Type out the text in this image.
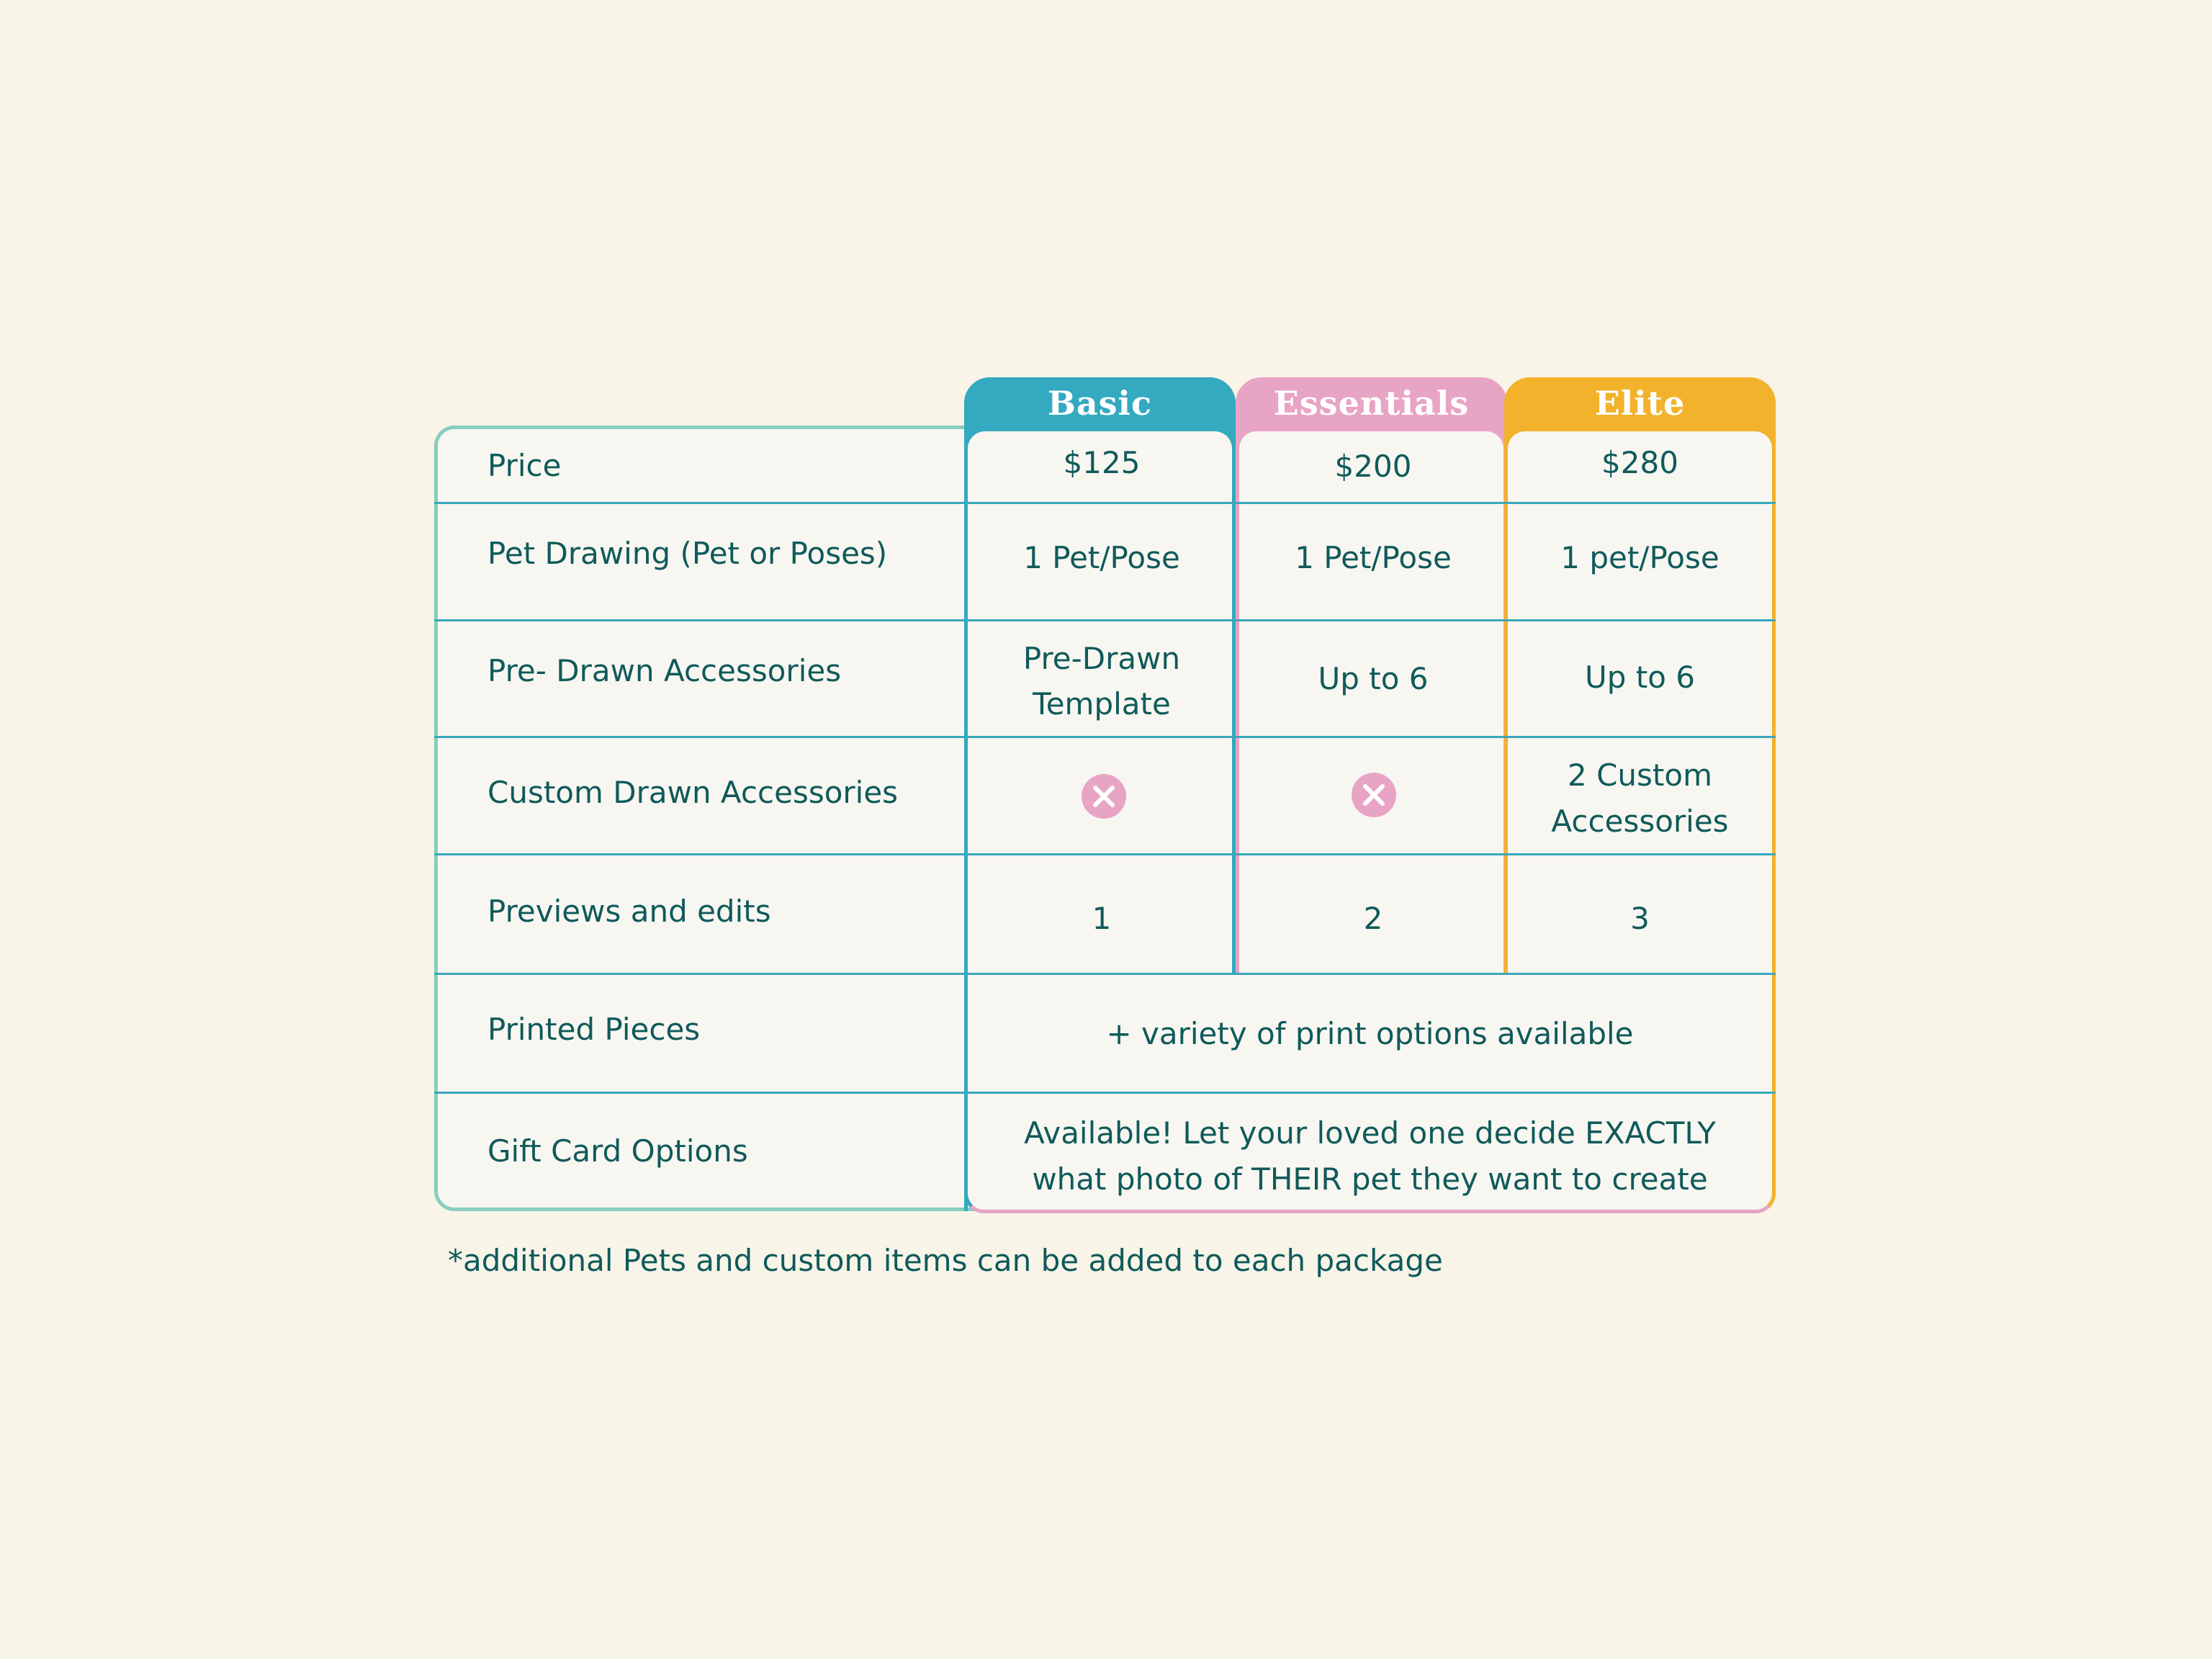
Basic	Essentials	Elite
Price
Pet Drawing (Pet or Poses)
Pre- Drawn Accessories
Custom Drawn Accessories
Previews and edits
Printed Pieces
Gift Card Options
$125
1 Pet/Pose
Pre-Drawn
Template
1
$200
1 Pet/Pose
Up to 6
2
$280
1 pet/Pose
Up to 6
2 Custom
Accessories
3
+ variety of print options available
Available! Let your loved one decide EXACTLY
what photo of THEIR pet they want to create
*additional Pets and custom items can be added to each package
